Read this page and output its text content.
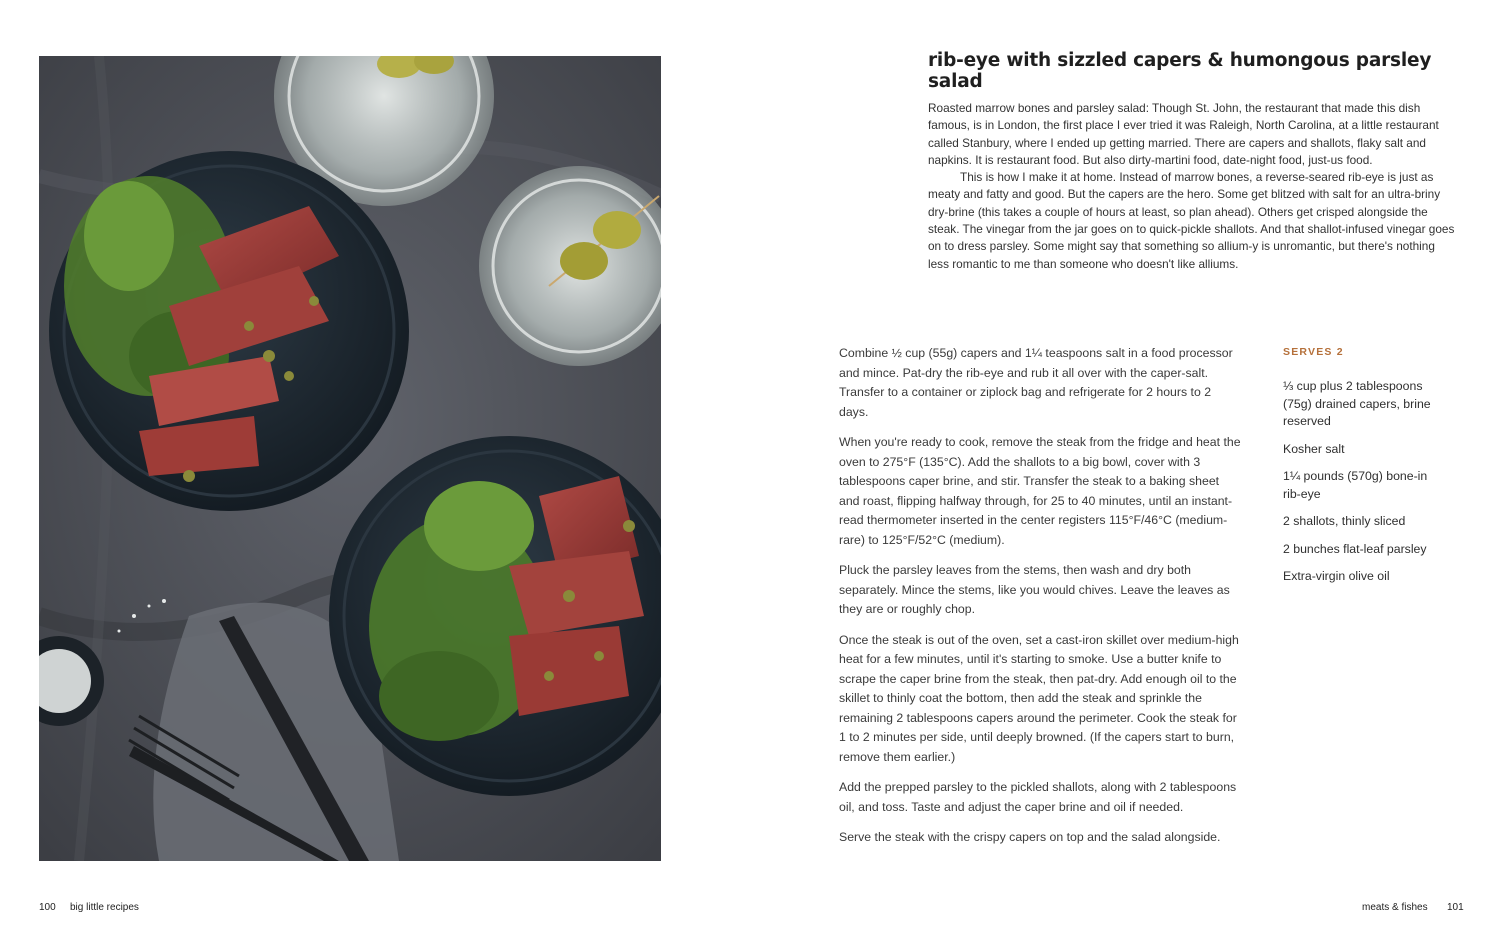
rib-eye with sizzled capers & humongous parsley salad

Roasted marrow bones and parsley salad: Though St. John, the restaurant that made this dish famous, is in London, the first place I ever tried it was Raleigh, North Carolina, at a little restaurant called Stanbury, where I ended up getting married. There are capers and shallots, flaky salt and napkins. It is restaurant food. But also dirty-martini food, date-night food, just-us food.

This is how I make it at home. Instead of marrow bones, a reverse-seared rib-eye is just as meaty and fatty and good. But the capers are the hero. Some get blitzed with salt for an ultra-briny dry-brine (this takes a couple of hours at least, so plan ahead). Others get crisped alongside the steak. The vinegar from the jar goes on to quick-pickle shallots. And that shallot-infused vinegar goes on to dress parsley. Some might say that something so allium-y is unromantic, but there's nothing less romantic to me than someone who doesn't like alliums.

Combine ½ cup (55g) capers and 1¼ teaspoons salt in a food processor and mince. Pat-dry the rib-eye and rub it all over with the caper-salt. Transfer to a container or ziplock bag and refrigerate for 2 hours to 2 days.

When you're ready to cook, remove the steak from the fridge and heat the oven to 275°F (135°C). Add the shallots to a big bowl, cover with 3 tablespoons caper brine, and stir. Transfer the steak to a baking sheet and roast, flipping halfway through, for 25 to 40 minutes, until an instant-read thermometer inserted in the center registers 115°F/46°C (medium-rare) to 125°F/52°C (medium).

Pluck the parsley leaves from the stems, then wash and dry both separately. Mince the stems, like you would chives. Leave the leaves as they are or roughly chop.

Once the steak is out of the oven, set a cast-iron skillet over medium-high heat for a few minutes, until it's starting to smoke. Use a butter knife to scrape the caper brine from the steak, then pat-dry. Add enough oil to the skillet to thinly coat the bottom, then add the steak and sprinkle the remaining 2 tablespoons capers around the perimeter. Cook the steak for 1 to 2 minutes per side, until deeply browned. (If the capers start to burn, remove them earlier.)

Add the prepped parsley to the pickled shallots, along with 2 tablespoons oil, and toss. Taste and adjust the caper brine and oil if needed.

Serve the steak with the crispy capers on top and the salad alongside.

SERVES 2

⅓ cup plus 2 tablespoons (75g) drained capers, brine reserved
Kosher salt
1¼ pounds (570g) bone-in rib-eye
2 shallots, thinly sliced
2 bunches flat-leaf parsley
Extra-virgin olive oil
100 big little recipes	meats & fishes 101
